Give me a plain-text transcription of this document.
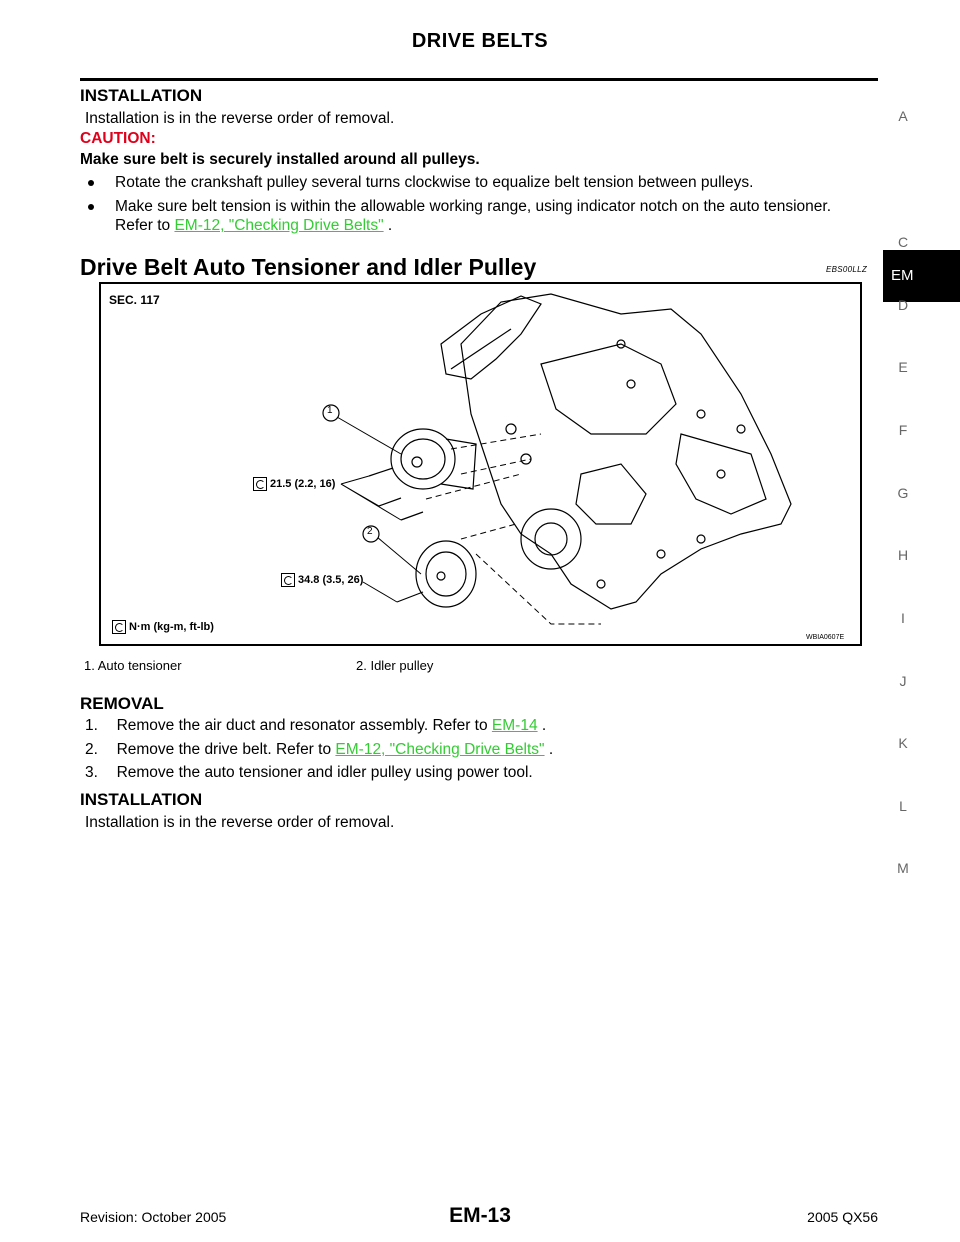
DRIVE BELTS
INSTALLATION
Installation is in the reverse order of removal.
CAUTION:
Make sure belt is securely installed around all pulleys.
Rotate the crankshaft pulley several turns clockwise to equalize belt tension between pulleys.
Make sure belt tension is within the allowable working range, using indicator notch on the auto tensioner.
Refer to EM-12, "Checking Drive Belts" .
Drive Belt Auto Tensioner and Idler Pulley	EBS00LLZ
SEC. 117
1
2
21.5 (2.2, 16)
34.8 (3.5, 26)
N·m (kg-m, ft-lb)
WBIA0607E
1. Auto tensioner	2. Idler pulley
REMOVAL
1. Remove the air duct and resonator assembly. Refer to EM-14 .
2. Remove the drive belt. Refer to EM-12, "Checking Drive Belts" .
3. Remove the auto tensioner and idler pulley using power tool.
INSTALLATION
Installation is in the reverse order of removal.
A
EM
C
D
E
F
G
H
I
J
K
L
M
Revision: October 2005	EM-13	2005 QX56
